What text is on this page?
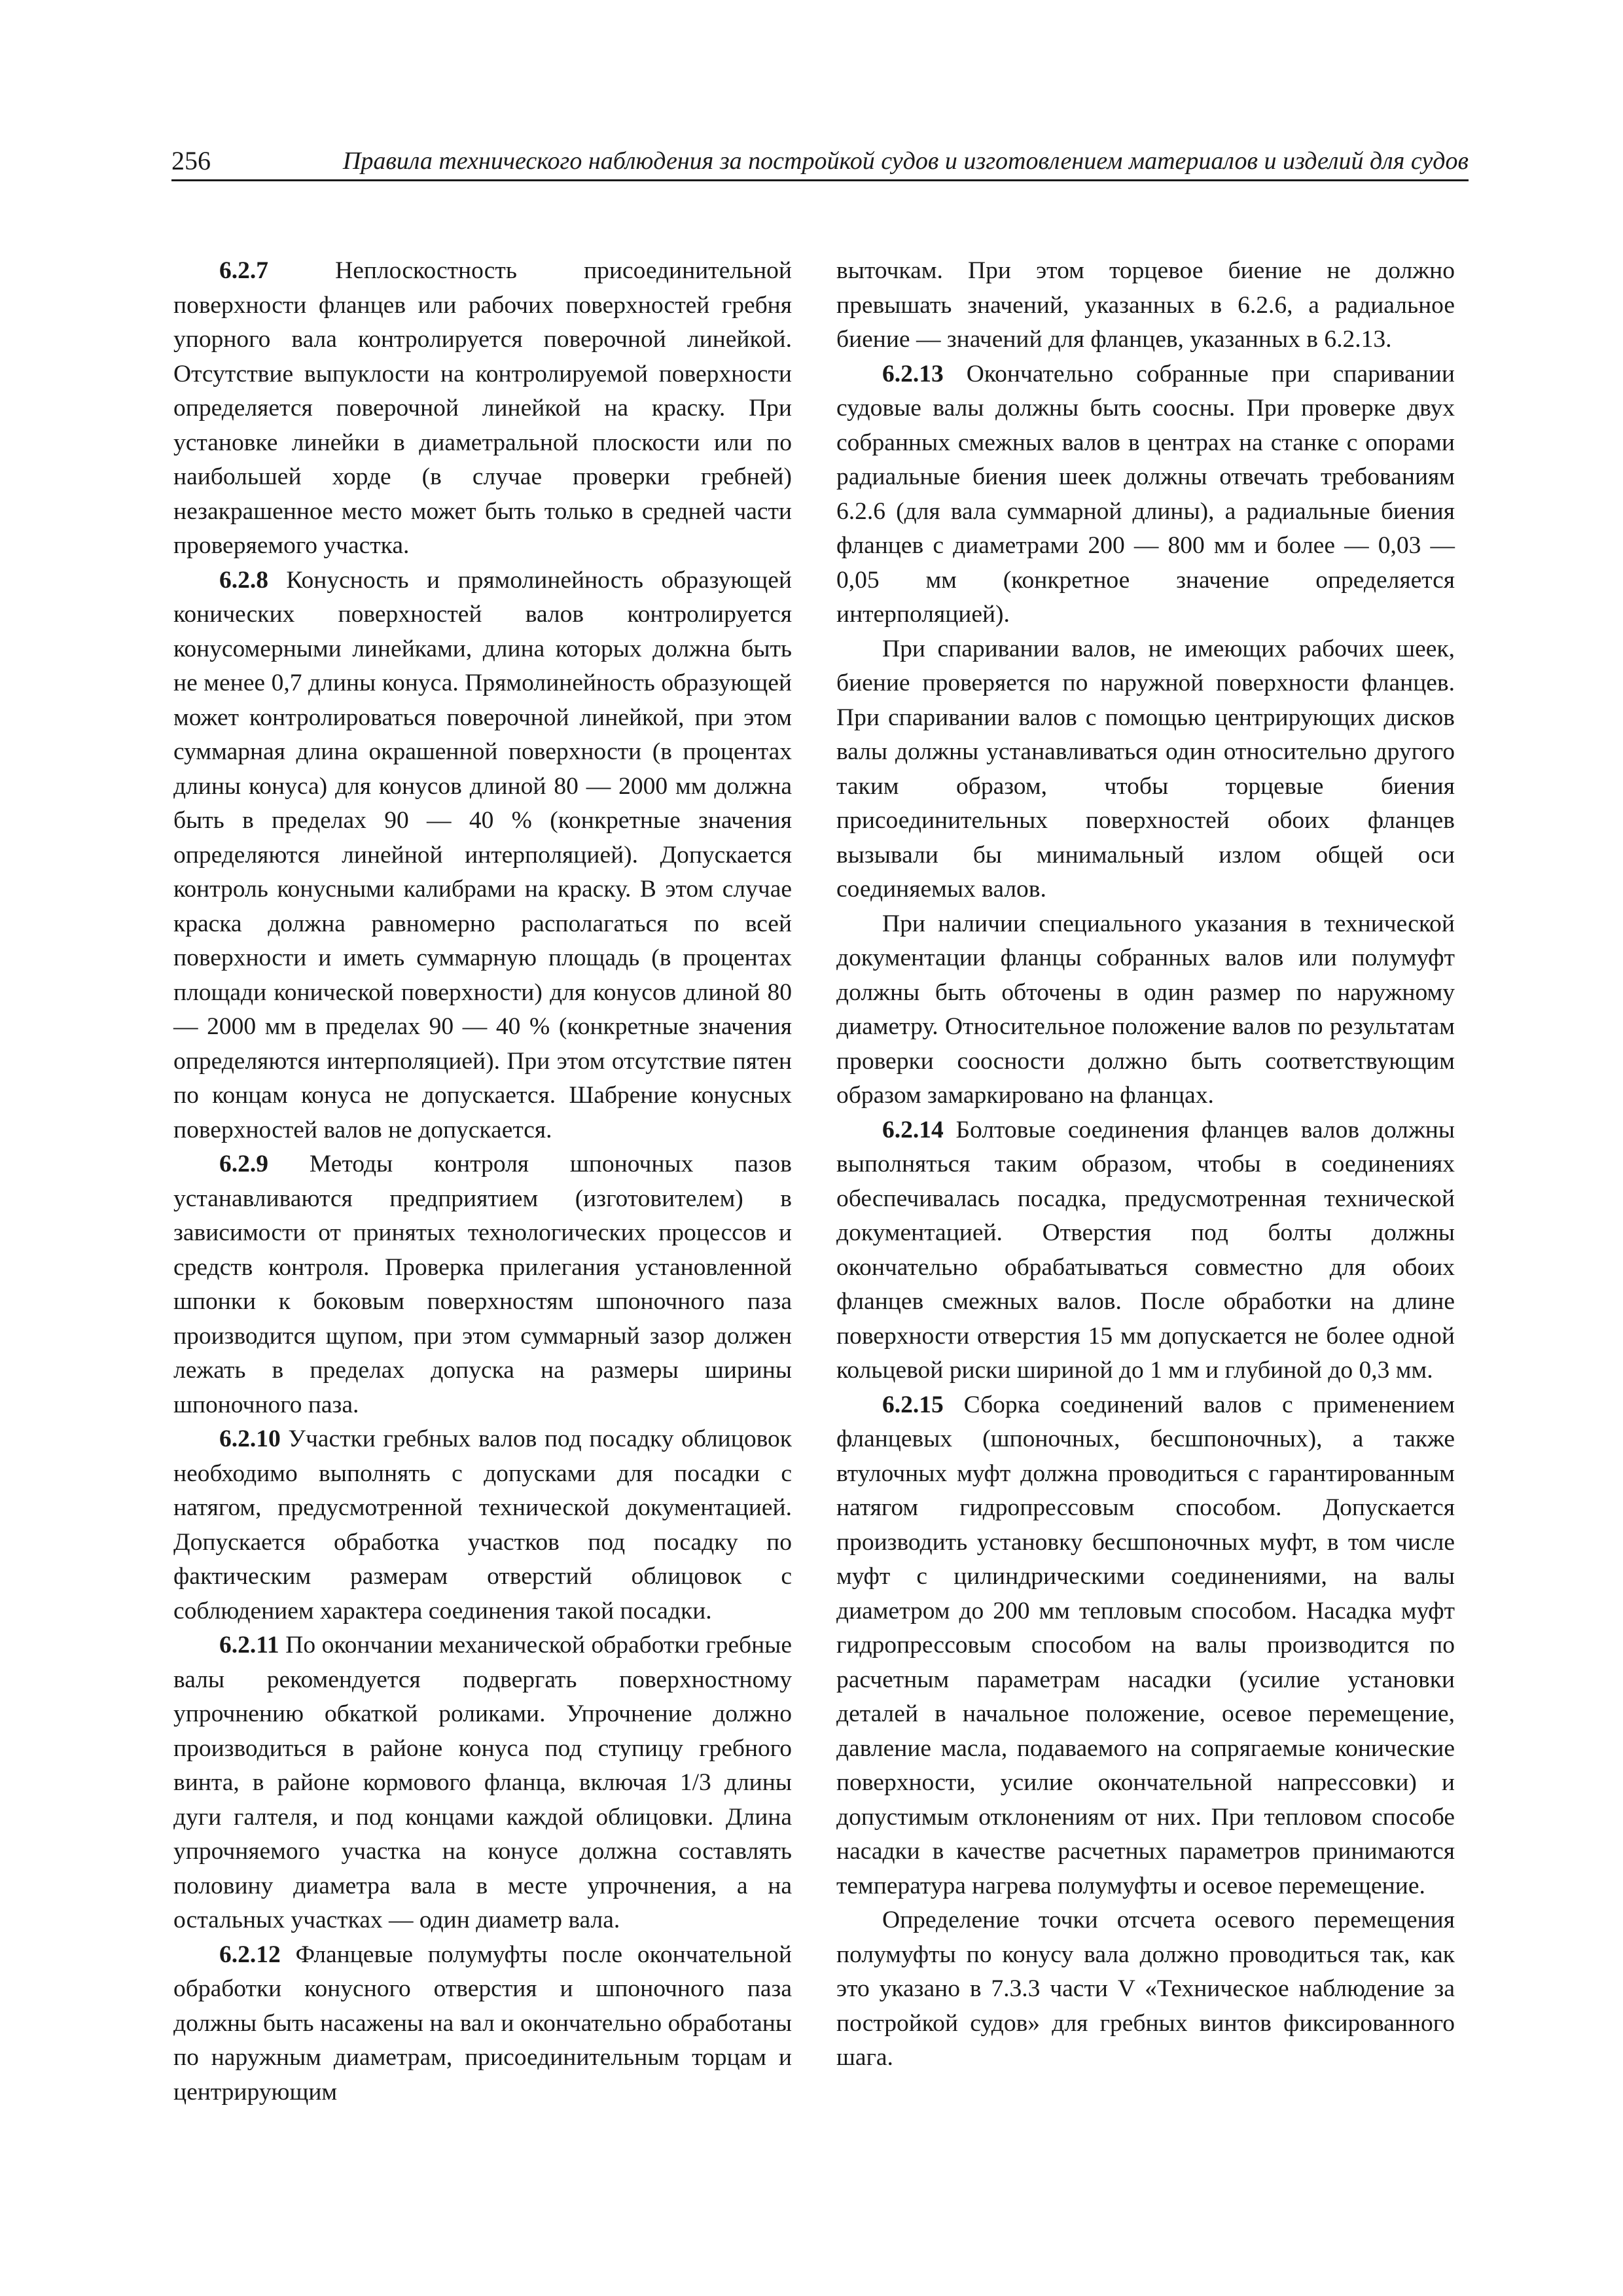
256	Правила технического наблюдения за постройкой судов и изготовлением материалов и изделий для судов

6.2.7 Неплоскостность присоединительной поверхности фланцев или рабочих поверхностей гребня упорного вала контролируется поверочной линейкой. Отсутствие выпуклости на контролируемой поверхности определяется поверочной линейкой на краску. При установке линейки в диаметральной плоскости или по наибольшей хорде (в случае проверки гребней) незакрашенное место может быть только в средней части проверяемого участка.

6.2.8 Конусность и прямолинейность образующей конических поверхностей валов контролируется конусомерными линейками, длина которых должна быть не менее 0,7 длины конуса. Прямолинейность образующей может контролироваться поверочной линейкой, при этом суммарная длина окрашенной поверхности (в процентах длины конуса) для конусов длиной 80 — 2000 мм должна быть в пределах 90 — 40 % (конкретные значения определяются линейной интерполяцией). Допускается контроль конусными калибрами на краску. В этом случае краска должна равномерно располагаться по всей поверхности и иметь суммарную площадь (в процентах площади конической поверхности) для конусов длиной 80 — 2000 мм в пределах 90 — 40 % (конкретные значения определяются интерполяцией). При этом отсутствие пятен по концам конуса не допускается. Шабрение конусных поверхностей валов не допускается.

6.2.9 Методы контроля шпоночных пазов устанавливаются предприятием (изготовителем) в зависимости от принятых технологических процессов и средств контроля. Проверка прилегания установленной шпонки к боковым поверхностям шпоночного паза производится щупом, при этом суммарный зазор должен лежать в пределах допуска на размеры ширины шпоночного паза.

6.2.10 Участки гребных валов под посадку облицовок необходимо выполнять с допусками для посадки с натягом, предусмотренной технической документацией. Допускается обработка участков под посадку по фактическим размерам отверстий облицовок с соблюдением характера соединения такой посадки.

6.2.11 По окончании механической обработки гребные валы рекомендуется подвергать поверхностному упрочнению обкаткой роликами. Упрочнение должно производиться в районе конуса под ступицу гребного винта, в районе кормового фланца, включая 1/3 длины дуги галтеля, и под концами каждой облицовки. Длина упрочняемого участка на конусе должна составлять половину диаметра вала в месте упрочнения, а на остальных участках — один диаметр вала.

6.2.12 Фланцевые полумуфты после окончательной обработки конусного отверстия и шпоночного паза должны быть насажены на вал и окончательно обработаны по наружным диаметрам, присоединительным торцам и центрирующим

выточкам. При этом торцевое биение не должно превышать значений, указанных в 6.2.6, а радиальное биение — значений для фланцев, указанных в 6.2.13.

6.2.13 Окончательно собранные при спаривании судовые валы должны быть соосны. При проверке двух собранных смежных валов в центрах на станке с опорами радиальные биения шеек должны отвечать требованиям 6.2.6 (для вала суммарной длины), а радиальные биения фланцев с диаметрами 200 — 800 мм и более — 0,03 — 0,05 мм (конкретное значение определяется интерполяцией).

При спаривании валов, не имеющих рабочих шеек, биение проверяется по наружной поверхности фланцев. При спаривании валов с помощью центрирующих дисков валы должны устанавливаться один относительно другого таким образом, чтобы торцевые биения присоединительных поверхностей обоих фланцев вызывали бы минимальный излом общей оси соединяемых валов.

При наличии специального указания в технической документации фланцы собранных валов или полумуфт должны быть обточены в один размер по наружному диаметру. Относительное положение валов по результатам проверки соосности должно быть соответствующим образом замаркировано на фланцах.

6.2.14 Болтовые соединения фланцев валов должны выполняться таким образом, чтобы в соединениях обеспечивалась посадка, предусмотренная технической документацией. Отверстия под болты должны окончательно обрабатываться совместно для обоих фланцев смежных валов. После обработки на длине поверхности отверстия 15 мм допускается не более одной кольцевой риски шириной до 1 мм и глубиной до 0,3 мм.

6.2.15 Сборка соединений валов с применением фланцевых (шпоночных, бесшпоночных), а также втулочных муфт должна проводиться с гарантированным натягом гидропрессовым способом. Допускается производить установку бесшпоночных муфт, в том числе муфт с цилиндрическими соединениями, на валы диаметром до 200 мм тепловым способом. Насадка муфт гидропрессовым способом на валы производится по расчетным параметрам насадки (усилие установки деталей в начальное положение, осевое перемещение, давление масла, подаваемого на сопрягаемые конические поверхности, усилие окончательной напрессовки) и допустимым отклонениям от них. При тепловом способе насадки в качестве расчетных параметров принимаются температура нагрева полумуфты и осевое перемещение.

Определение точки отсчета осевого перемещения полумуфты по конусу вала должно проводиться так, как это указано в 7.3.3 части V «Техническое наблюдение за постройкой судов» для гребных винтов фиксированного шага.
